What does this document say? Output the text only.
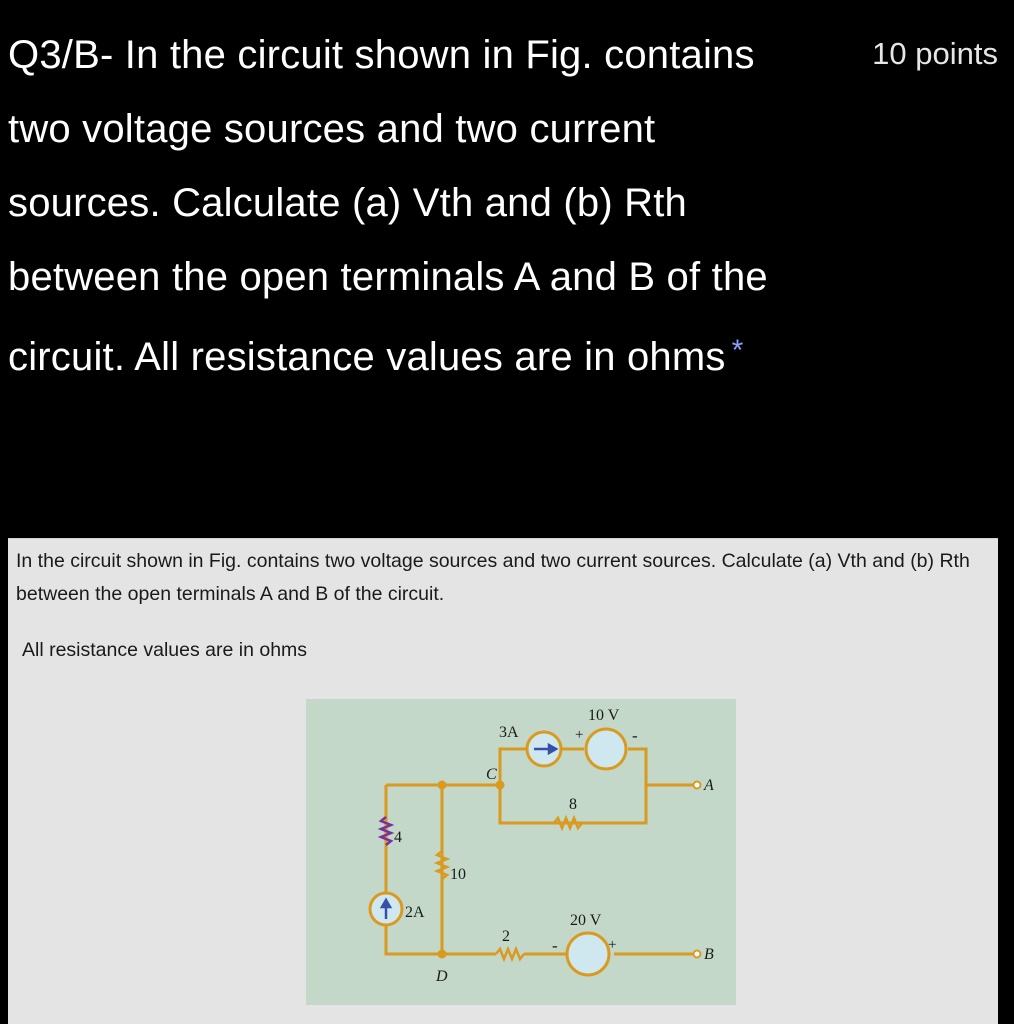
Q3/B- In the circuit shown in Fig. contains two voltage sources and two current sources. Calculate (a) Vth and (b) Rth between the open terminals A and B of the circuit. All resistance values are in ohms *
10 points
In the circuit shown in Fig. contains two voltage sources and two current sources. Calculate (a) Vth and (b) Rth between the open terminals A and B of the circuit.
All resistance values are in ohms
10 V
3A	+	-
C
A
8
4
10
2A	20 V
2 -	+
B
D
